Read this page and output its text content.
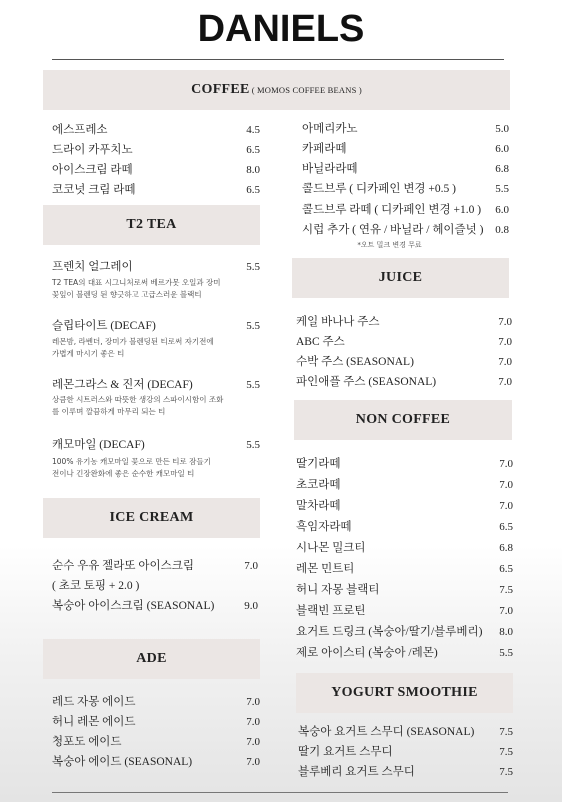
DANIELS
COFFEE ( MOMOS COFFEE BEANS )
에스프레소	4.5
드라이 카푸치노	6.5
아이스크림 라떼	8.0
코코넛 크림 라떼	6.5
아메리카노	5.0
카페라떼	6.0
바닐라라떼	6.8
콜드브루 ( 디카페인 변경 +0.5 )	5.5
콜드브루 라떼 ( 디카페인 변경 +1.0 ) 6.0
시럽 추가 ( 연유 / 바닐라 / 헤이즐넛 ) 0.8
*오트 밀크 변경 무료
T2 TEA
프렌치 얼그레이	5.5
T2 TEA의 대표 시그니처로써 베르가못 오일과 장미
꽃잎이 블렌딩 된 향긋하고 고급스러운 블랙티
슬립타이트 (DECAF)	5.5
레몬밤, 라벤더, 장미가 블렌딩된 티로써 자기전에
가볍게 마시기 좋은 티
레몬그라스 & 진저 (DECAF)	5.5
상큼한 시트러스와 따뜻한 생강의 스파이시함이 조화
를 이루며 깔끔하게 마무리 되는 티
캐모마일 (DECAF)	5.5
100% 유기농 캐모마일 꽃으로 만든 티로 잠들기
전이나 긴장완화에 좋은 순수한 캐모마일 티
ICE CREAM
순수 우유 젤라또 아이스크림	7.0
( 초코 토핑 + 2.0 )
복숭아 아이스크림 (SEASONAL)	9.0
ADE
레드 자몽 에이드	7.0
허니 레몬 에이드	7.0
청포도 에이드	7.0
복숭아 에이드 (SEASONAL)	7.0
JUICE
케일 바나나 주스	7.0
ABC 주스	7.0
수박 주스 (SEASONAL)	7.0
파인애플 주스 (SEASONAL)	7.0
NON COFFEE
딸기라떼	7.0
초코라떼	7.0
말차라떼	7.0
흑임자라떼	6.5
시나몬 밀크티	6.8
레몬 민트티	6.5
허니 자몽 블랙티	7.5
블랙빈 프로틴	7.0
요거트 드링크 (복숭아/딸기/블루베리) 8.0
제로 아이스티 (복숭아 /레몬)	5.5
YOGURT SMOOTHIE
복숭아 요거트 스무디 (SEASONAL) 7.5
딸기 요거트 스무디	7.5
블루베리 요거트 스무디	7.5
